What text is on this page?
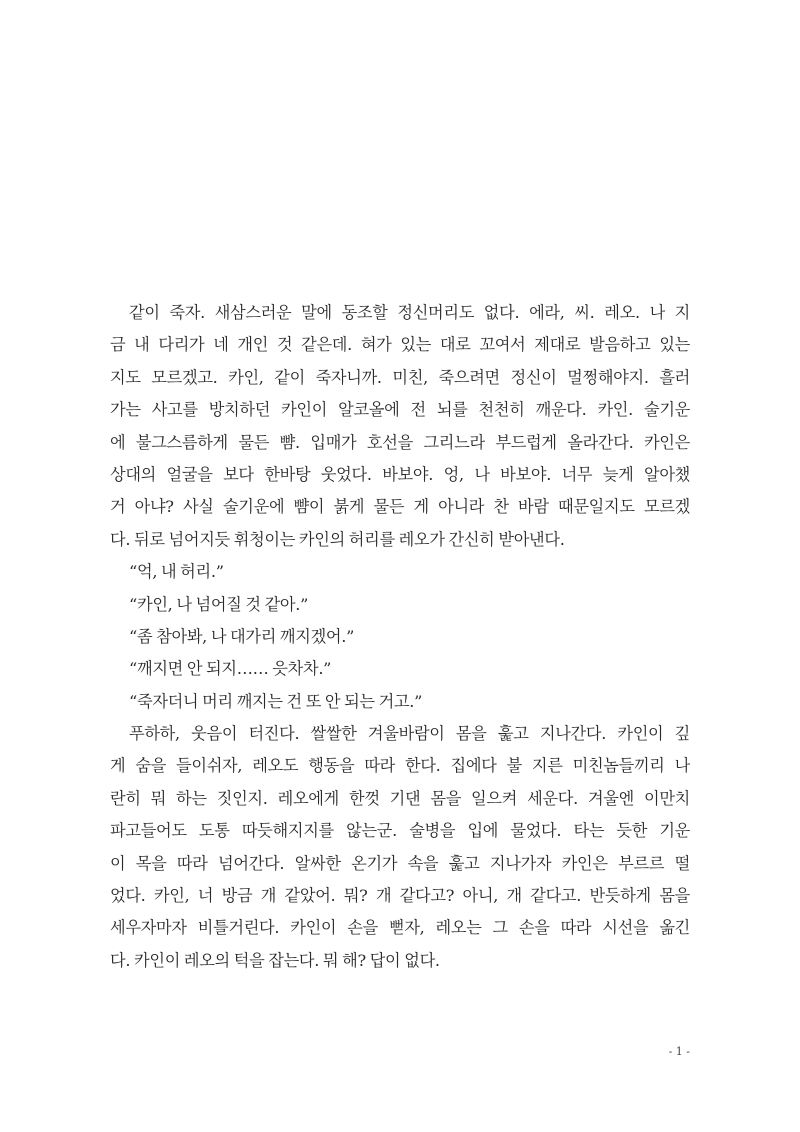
같이 죽자. 새삼스러운 말에 동조할 정신머리도 없다. 에라, 씨. 레오. 나 지
금 내 다리가 네 개인 것 같은데. 혀가 있는 대로 꼬여서 제대로 발음하고 있는
지도 모르겠고. 카인, 같이 죽자니까. 미친, 죽으려면 정신이 멀쩡해야지. 흘러
가는 사고를 방치하던 카인이 알코올에 전 뇌를 천천히 깨운다. 카인. 술기운
에 불그스름하게 물든 뺨. 입매가 호선을 그리느라 부드럽게 올라간다. 카인은
상대의 얼굴을 보다 한바탕 웃었다. 바보야. 엉, 나 바보야. 너무 늦게 알아챘
거 아냐? 사실 술기운에 뺨이 붉게 물든 게 아니라 찬 바람 때문일지도 모르겠
다. 뒤로 넘어지듯 휘청이는 카인의 허리를 레오가 간신히 받아낸다.
“억, 내 허리.”
“카인, 나 넘어질 것 같아.”
“좀 참아봐, 나 대가리 깨지겠어.”
“깨지면 안 되지…… 읏차차.”
“죽자더니 머리 깨지는 건 또 안 되는 거고.”
푸하하, 웃음이 터진다. 쌀쌀한 겨울바람이 몸을 훑고 지나간다. 카인이 깊
게 숨을 들이쉬자, 레오도 행동을 따라 한다. 집에다 불 지른 미친놈들끼리 나
란히 뭐 하는 짓인지. 레오에게 한껏 기댄 몸을 일으켜 세운다. 겨울엔 이만치
파고들어도 도통 따듯해지지를 않는군. 술병을 입에 물었다. 타는 듯한 기운
이 목을 따라 넘어간다. 알싸한 온기가 속을 훑고 지나가자 카인은 부르르 떨
었다. 카인, 너 방금 개 같았어. 뭐? 개 같다고? 아니, 개 같다고. 반듯하게 몸을
세우자마자 비틀거린다. 카인이 손을 뻗자, 레오는 그 손을 따라 시선을 옮긴
다. 카인이 레오의 턱을 잡는다. 뭐 해? 답이 없다.
- 1 -
